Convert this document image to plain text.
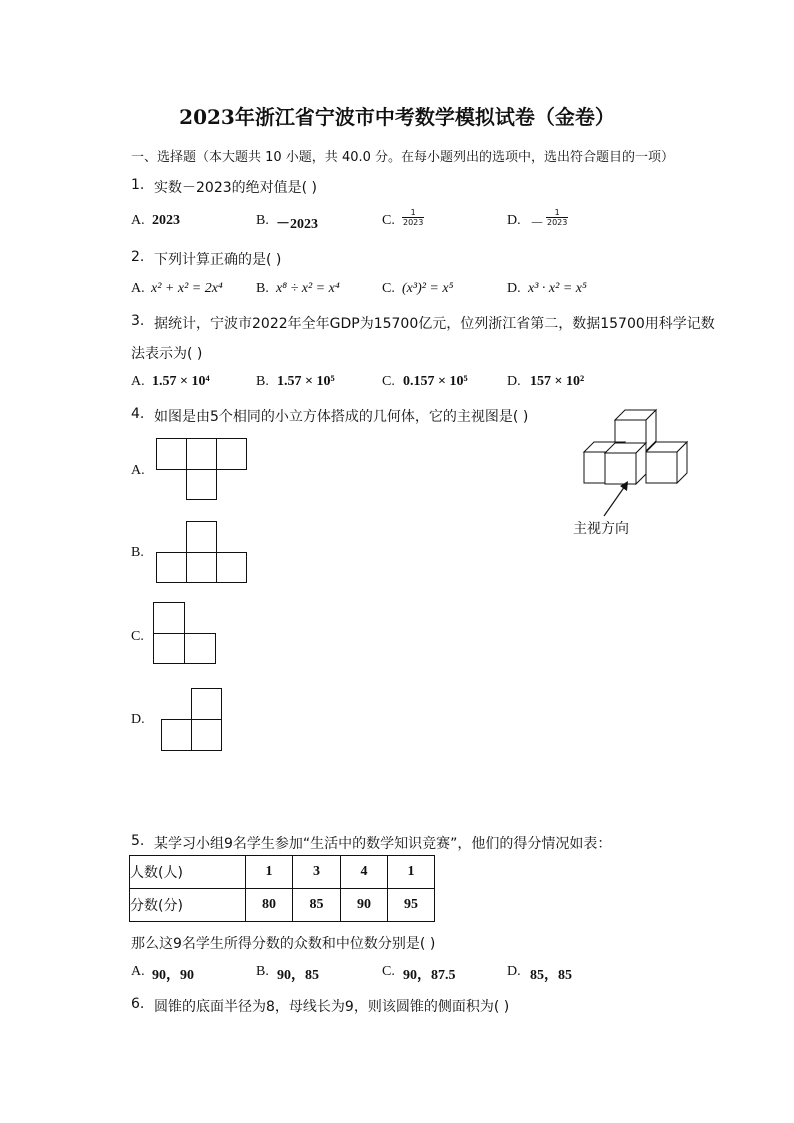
2023年浙江省宁波市中考数学模拟试卷（金卷）
一、选择题（本大题共 10 小题，共 40.0 分。在每小题列出的选项中，选出符合题目的一项）
1. 实数－2023的绝对值是( )
A. 2023	B. －2023	C. $\frac{1}{2023}$	D. － $\frac{1}{2023}$
2. 下列计算正确的是( )
A. x² + x² = 2x⁴ B. x⁸ ÷ x² = x⁴	C. (x³)² = x⁵	D. x³ · x² = x⁵
3. 据统计，宁波市2022年全年GDP为15700亿元，位列浙江省第二，数据15700用科学记数
法表示为( )
A. 1.57 × 10⁴	B. 1.57 × 10⁵	C. 0.157 × 10⁵	D. 157 × 10²
4. 如图是由5个相同的小立方体搭成的几何体，它的主视图是( )
主视方向
A.
B.
C.
D.
5. 某学习小组9名学生参加“生活中的数学知识竞赛”，他们的得分情况如表：
人数(人)	1	3	4	1
分数(分)	80	85	90	95
那么这9名学生所得分数的众数和中位数分别是( )
A. 90，90	B. 90，85	C. 90，87.5	D. 85，85
6. 圆锥的底面半径为8，母线长为9，则该圆锥的侧面积为( )
